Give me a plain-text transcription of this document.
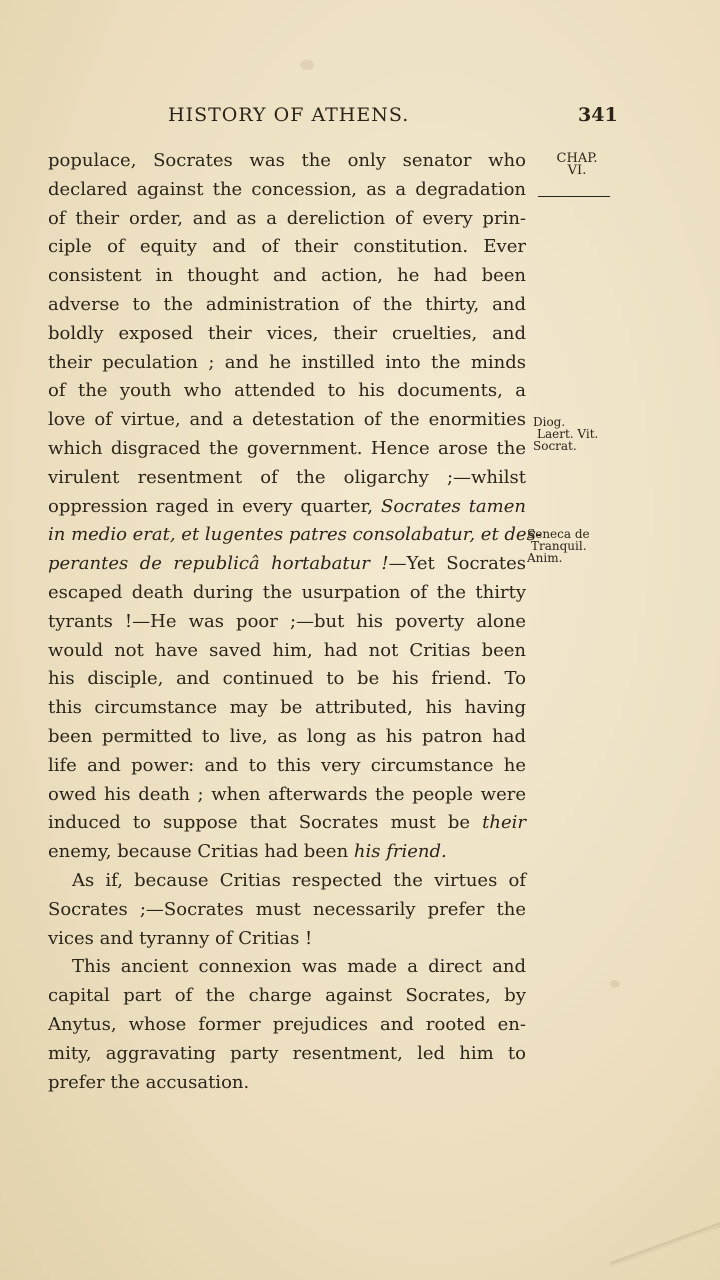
HISTORY OF ATHENS.	341
CHAP.
VI.
Diog.
Laert. Vit.
Socrat.
Seneca de
Tranquil.
Anim.
populace, Socrates was the only senator who
declared against the concession, as a degradation
of their order, and as a dereliction of every prin-
ciple of equity and of their constitution. Ever
consistent in thought and action, he had been
adverse to the administration of the thirty, and
boldly exposed their vices, their cruelties, and
their peculation ; and he instilled into the minds
of the youth who attended to his documents, a
love of virtue, and a detestation of the enormities
which disgraced the government. Hence arose the
virulent resentment of the oligarchy ;—whilst
oppression raged in every quarter, Socrates tamen
in medio erat, et lugentes patres consolabatur, et des-
perantes de republicâ hortabatur !—Yet Socrates
escaped death during the usurpation of the thirty
tyrants !—He was poor ;—but his poverty alone
would not have saved him, had not Critias been
his disciple, and continued to be his friend. To
this circumstance may be attributed, his having
been permitted to live, as long as his patron had
life and power: and to this very circumstance he
owed his death ; when afterwards the people were
induced to suppose that Socrates must be their
enemy, because Critias had been his friend.
As if, because Critias respected the virtues of
Socrates ;—Socrates must necessarily prefer the
vices and tyranny of Critias !
This ancient connexion was made a direct and
capital part of the charge against Socrates, by
Anytus, whose former prejudices and rooted en-
mity, aggravating party resentment, led him to
prefer the accusation.
